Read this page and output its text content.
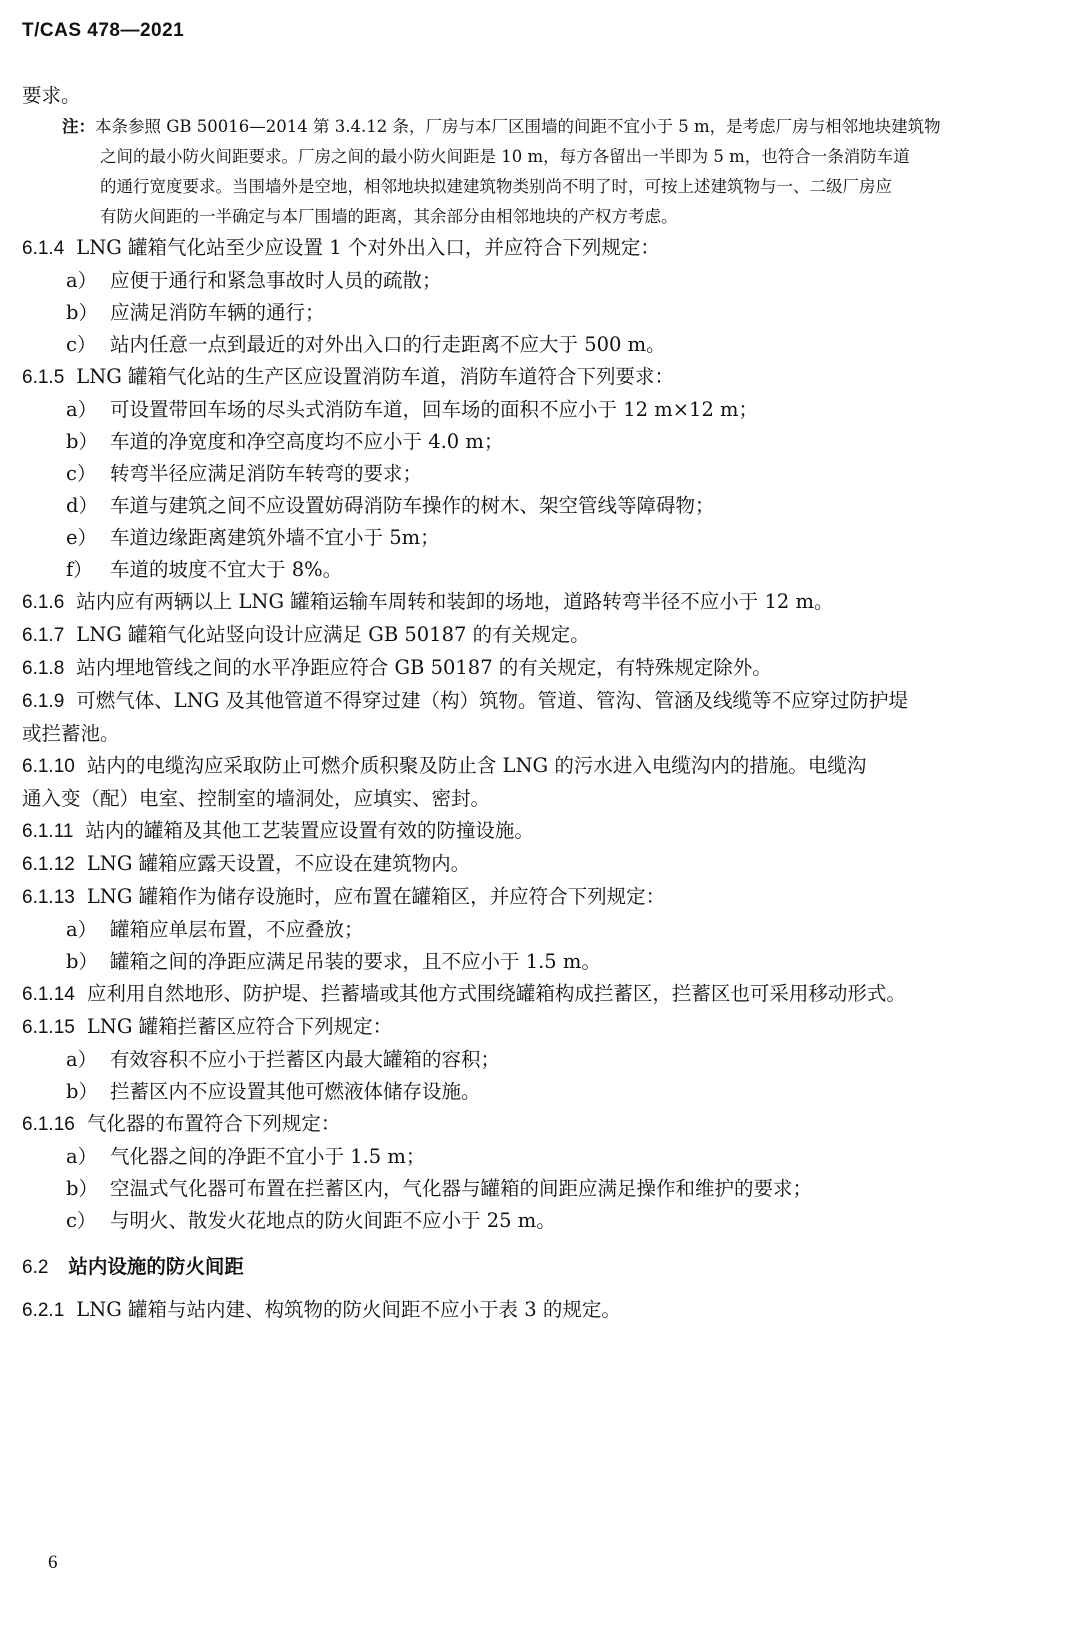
T/CAS 478—2021

要求。

注：本条参照 GB 50016—2014 第 3.4.12 条，厂房与本厂区围墙的间距不宜小于 5 m，是考虑厂房与相邻地块建筑物

之间的最小防火间距要求。厂房之间的最小防火间距是 10 m，每方各留出一半即为 5 m，也符合一条消防车道

的通行宽度要求。当围墙外是空地，相邻地块拟建建筑物类别尚不明了时，可按上述建筑物与一、二级厂房应

有防火间距的一半确定与本厂围墙的距离，其余部分由相邻地块的产权方考虑。

6.1.4 LNG 罐箱气化站至少应设置 1 个对外出入口，并应符合下列规定：

a） 应便于通行和紧急事故时人员的疏散；

b） 应满足消防车辆的通行；

c） 站内任意一点到最近的对外出入口的行走距离不应大于 500 m。

6.1.5 LNG 罐箱气化站的生产区应设置消防车道，消防车道符合下列要求：

a） 可设置带回车场的尽头式消防车道，回车场的面积不应小于 12 m×12 m；

b） 车道的净宽度和净空高度均不应小于 4.0 m；

c） 转弯半径应满足消防车转弯的要求；

d） 车道与建筑之间不应设置妨碍消防车操作的树木、架空管线等障碍物；

e） 车道边缘距离建筑外墙不宜小于 5m；

f） 车道的坡度不宜大于 8%。

6.1.6 站内应有两辆以上 LNG 罐箱运输车周转和装卸的场地，道路转弯半径不应小于 12 m。

6.1.7 LNG 罐箱气化站竖向设计应满足 GB 50187 的有关规定。

6.1.8 站内埋地管线之间的水平净距应符合 GB 50187 的有关规定，有特殊规定除外。

6.1.9 可燃气体、LNG 及其他管道不得穿过建（构）筑物。管道、管沟、管涵及线缆等不应穿过防护堤

或拦蓄池。

6.1.10 站内的电缆沟应采取防止可燃介质积聚及防止含 LNG 的污水进入电缆沟内的措施。电缆沟

通入变（配）电室、控制室的墙洞处，应填实、密封。

6.1.11 站内的罐箱及其他工艺装置应设置有效的防撞设施。

6.1.12 LNG 罐箱应露天设置，不应设在建筑物内。

6.1.13 LNG 罐箱作为储存设施时，应布置在罐箱区，并应符合下列规定：

a） 罐箱应单层布置，不应叠放；

b） 罐箱之间的净距应满足吊装的要求，且不应小于 1.5 m。

6.1.14 应利用自然地形、防护堤、拦蓄墙或其他方式围绕罐箱构成拦蓄区，拦蓄区也可采用移动形式。

6.1.15 LNG 罐箱拦蓄区应符合下列规定：

a） 有效容积不应小于拦蓄区内最大罐箱的容积；

b） 拦蓄区内不应设置其他可燃液体储存设施。

6.1.16 气化器的布置符合下列规定：

a） 气化器之间的净距不宜小于 1.5 m；

b） 空温式气化器可布置在拦蓄区内，气化器与罐箱的间距应满足操作和维护的要求；

c） 与明火、散发火花地点的防火间距不应小于 25 m。

6.2 站内设施的防火间距

6.2.1 LNG 罐箱与站内建、构筑物的防火间距不应小于表 3 的规定。

6
